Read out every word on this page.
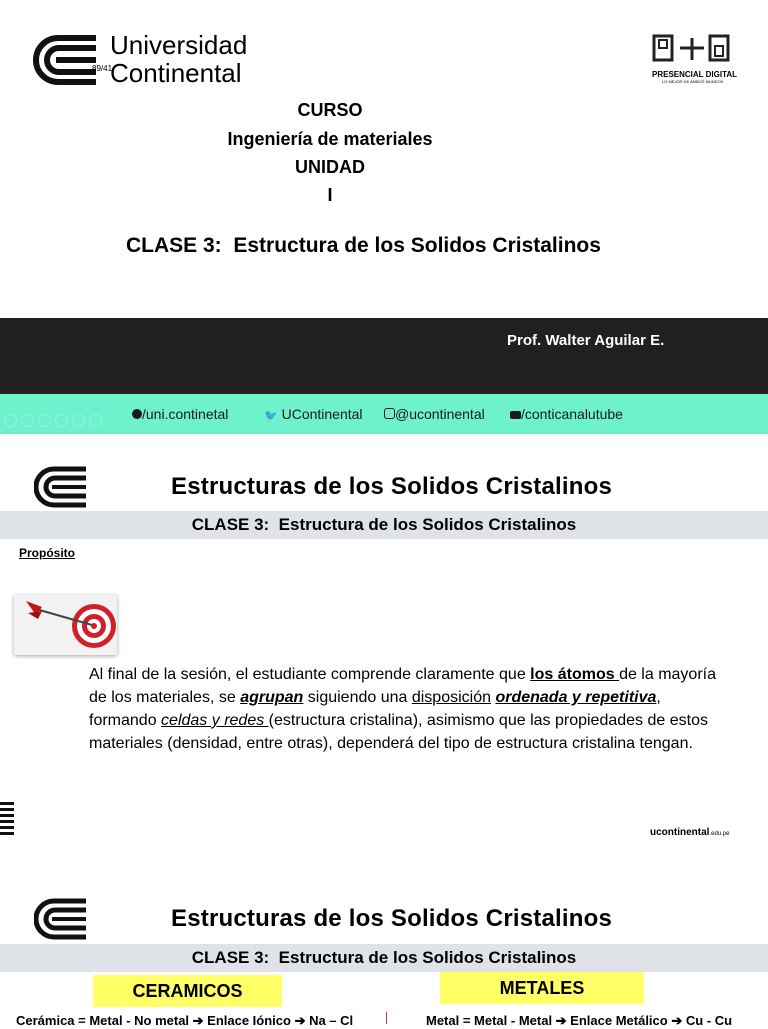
89/41
Universidad
Continental	PRESENCIAL DIGITAL
LO MEJOR DE AMBOS MUNDOS
CURSO
Ingeniería de materiales
UNIDAD
I
CLASE 3:  Estructura de los Solidos Cristalinos
Prof. Walter Aguilar E.
/uni.continetal	🐦 UContinental	@ucontinental	/conticanalutube
Estructuras de los Solidos Cristalinos
CLASE 3:  Estructura de los Solidos Cristalinos
Propósito
Al final de la sesión, el estudiante comprende claramente que los átomos de la mayoría de los materiales, se agrupan siguiendo una disposición ordenada y repetitiva, formando celdas y redes (estructura cristalina), asimismo que las propiedades de estos materiales (densidad, entre otras), dependerá del tipo de estructura cristalina tengan.
ucontinental.edu.pe
Estructuras de los Solidos Cristalinos
CLASE 3:  Estructura de los Solidos Cristalinos
CERAMICOS	METALES
Cerámica = Metal - No metal ➔ Enlace Iónico ➔ Na – Cl	Metal = Metal - Metal ➔ Enlace Metálico ➔ Cu - Cu
